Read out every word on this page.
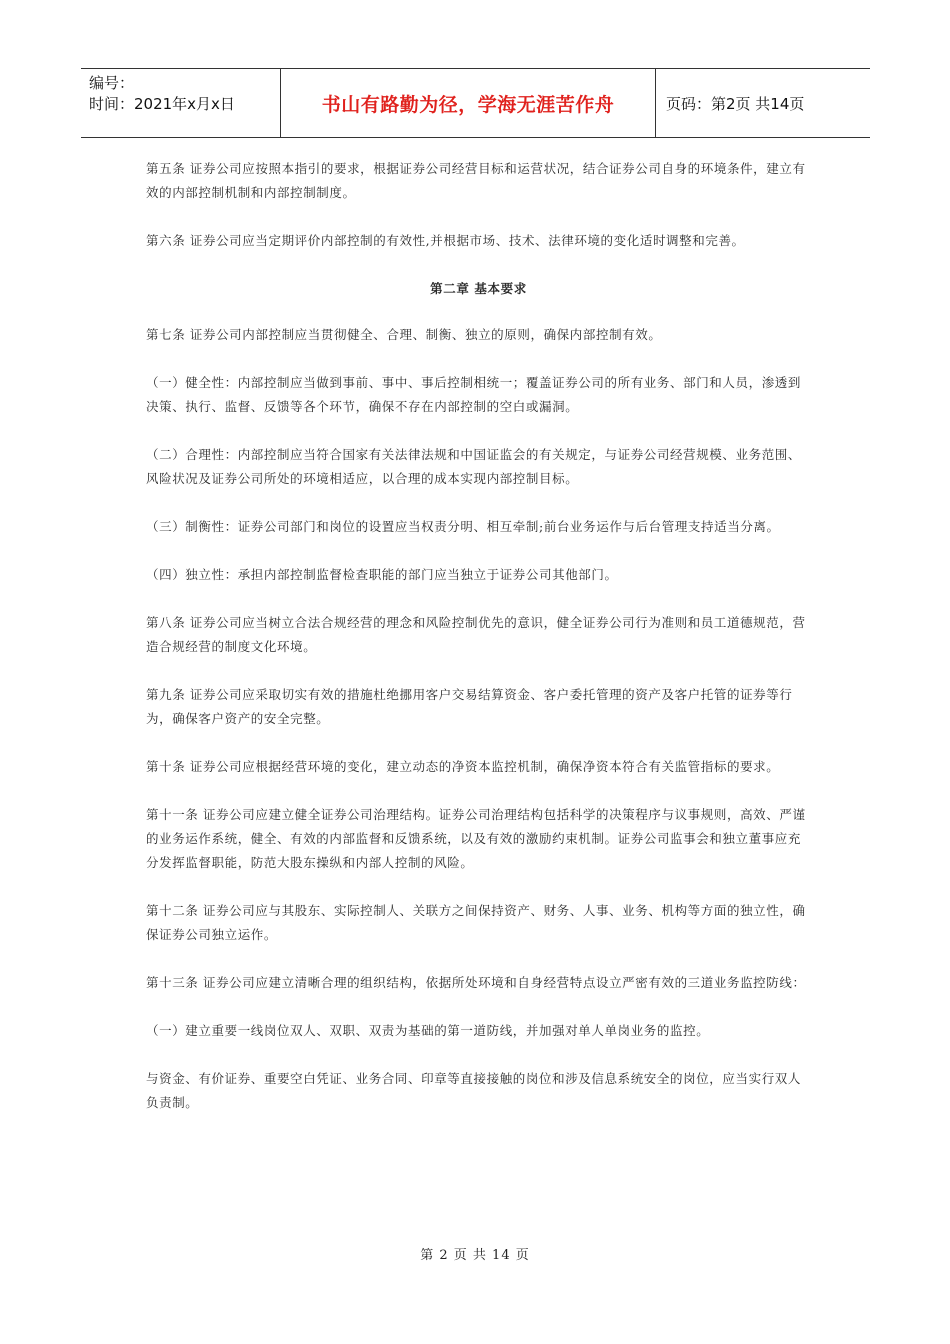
编号：
时间：2021年x月x日	书山有路勤为径，学海无涯苦作舟	页码：第2页 共14页

第五条 证券公司应按照本指引的要求，根据证券公司经营目标和运营状况，结合证券公司自身的环境条件，建立有效的内部控制机制和内部控制制度。

第六条 证券公司应当定期评价内部控制的有效性,并根据市场、技术、法律环境的变化适时调整和完善。

第二章 基本要求

第七条 证券公司内部控制应当贯彻健全、合理、制衡、独立的原则，确保内部控制有效。

（一）健全性：内部控制应当做到事前、事中、事后控制相统一；覆盖证券公司的所有业务、部门和人员，渗透到决策、执行、监督、反馈等各个环节，确保不存在内部控制的空白或漏洞。

（二）合理性：内部控制应当符合国家有关法律法规和中国证监会的有关规定，与证券公司经营规模、业务范围、风险状况及证券公司所处的环境相适应，以合理的成本实现内部控制目标。

（三）制衡性：证券公司部门和岗位的设置应当权责分明、相互牵制;前台业务运作与后台管理支持适当分离。

（四）独立性：承担内部控制监督检查职能的部门应当独立于证券公司其他部门。

第八条 证券公司应当树立合法合规经营的理念和风险控制优先的意识，健全证券公司行为准则和员工道德规范，营造合规经营的制度文化环境。

第九条 证券公司应采取切实有效的措施杜绝挪用客户交易结算资金、客户委托管理的资产及客户托管的证券等行为，确保客户资产的安全完整。

第十条 证券公司应根据经营环境的变化，建立动态的净资本监控机制，确保净资本符合有关监管指标的要求。

第十一条 证券公司应建立健全证券公司治理结构。证券公司治理结构包括科学的决策程序与议事规则，高效、严谨的业务运作系统，健全、有效的内部监督和反馈系统，以及有效的激励约束机制。证券公司监事会和独立董事应充分发挥监督职能，防范大股东操纵和内部人控制的风险。

第十二条 证券公司应与其股东、实际控制人、关联方之间保持资产、财务、人事、业务、机构等方面的独立性，确保证券公司独立运作。

第十三条 证券公司应建立清晰合理的组织结构，依据所处环境和自身经营特点设立严密有效的三道业务监控防线：

（一）建立重要一线岗位双人、双职、双责为基础的第一道防线，并加强对单人单岗业务的监控。

与资金、有价证券、重要空白凭证、业务合同、印章等直接接触的岗位和涉及信息系统安全的岗位，应当实行双人负责制。

第 2 页 共 14 页
